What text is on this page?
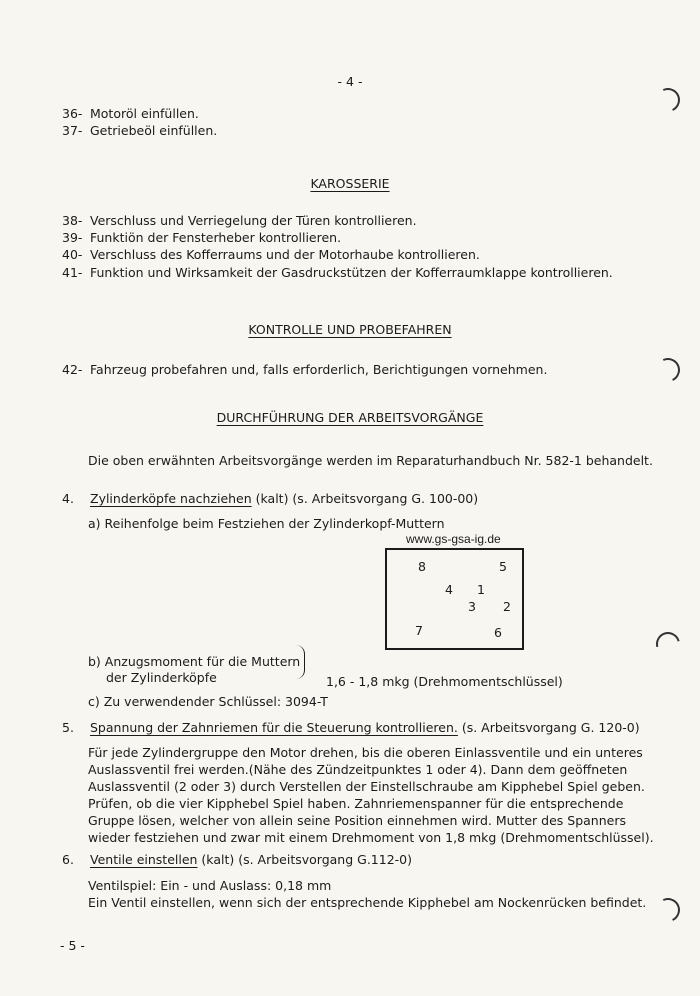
- 4 -
36- Motoröl einfüllen.
37- Getriebeöl einfüllen.
KAROSSERIE
38- Verschluss und Verriegelung der Türen kontrollieren.
39- Funktiön der Fensterheber kontrollieren.
40- Verschluss des Kofferraums und der Motorhaube kontrollieren.
41- Funktion und Wirksamkeit der Gasdruckstützen der Kofferraumklappe kontrollieren.
KONTROLLE UND PROBEFAHREN
42- Fahrzeug probefahren und, falls erforderlich, Berichtigungen vornehmen.
DURCHFÜHRUNG DER ARBEITSVORGÄNGE
Die oben erwähnten Arbeitsvorgänge werden im Reparaturhandbuch Nr. 582-1 behandelt.
4. Zylinderköpfe nachziehen (kalt) (s. Arbeitsvorgang G. 100-00)
a) Reihenfolge beim Festziehen der Zylinderkopf-Muttern
www.gs-gsa-ig.de
8	5
4 1
3 2
7	6
b) Anzugsmoment für die Muttern
der Zylinderköpfe	1,6 - 1,8 mkg (Drehmomentschlüssel)
c) Zu verwendender Schlüssel: 3094-T
5. Spannung der Zahnriemen für die Steuerung kontrollieren. (s. Arbeitsvorgang G. 120-0)
Für jede Zylindergruppe den Motor drehen, bis die oberen Einlassventile und ein unteres
Auslassventil frei werden.(Nähe des Zündzeitpunktes 1 oder 4). Dann dem geöffneten
Auslassventil (2 oder 3) durch Verstellen der Einstellschraube am Kipphebel Spiel geben.
Prüfen, ob die vier Kipphebel Spiel haben. Zahnriemenspanner für die entsprechende
Gruppe lösen, welcher von allein seine Position einnehmen wird. Mutter des Spanners
wieder festziehen und zwar mit einem Drehmoment von 1,8 mkg (Drehmomentschlüssel).
6. Ventile einstellen (kalt) (s. Arbeitsvorgang G.112-0)
Ventilspiel: Ein - und Auslass: 0,18 mm
Ein Ventil einstellen, wenn sich der entsprechende Kipphebel am Nockenrücken befindet.
- 5 -
